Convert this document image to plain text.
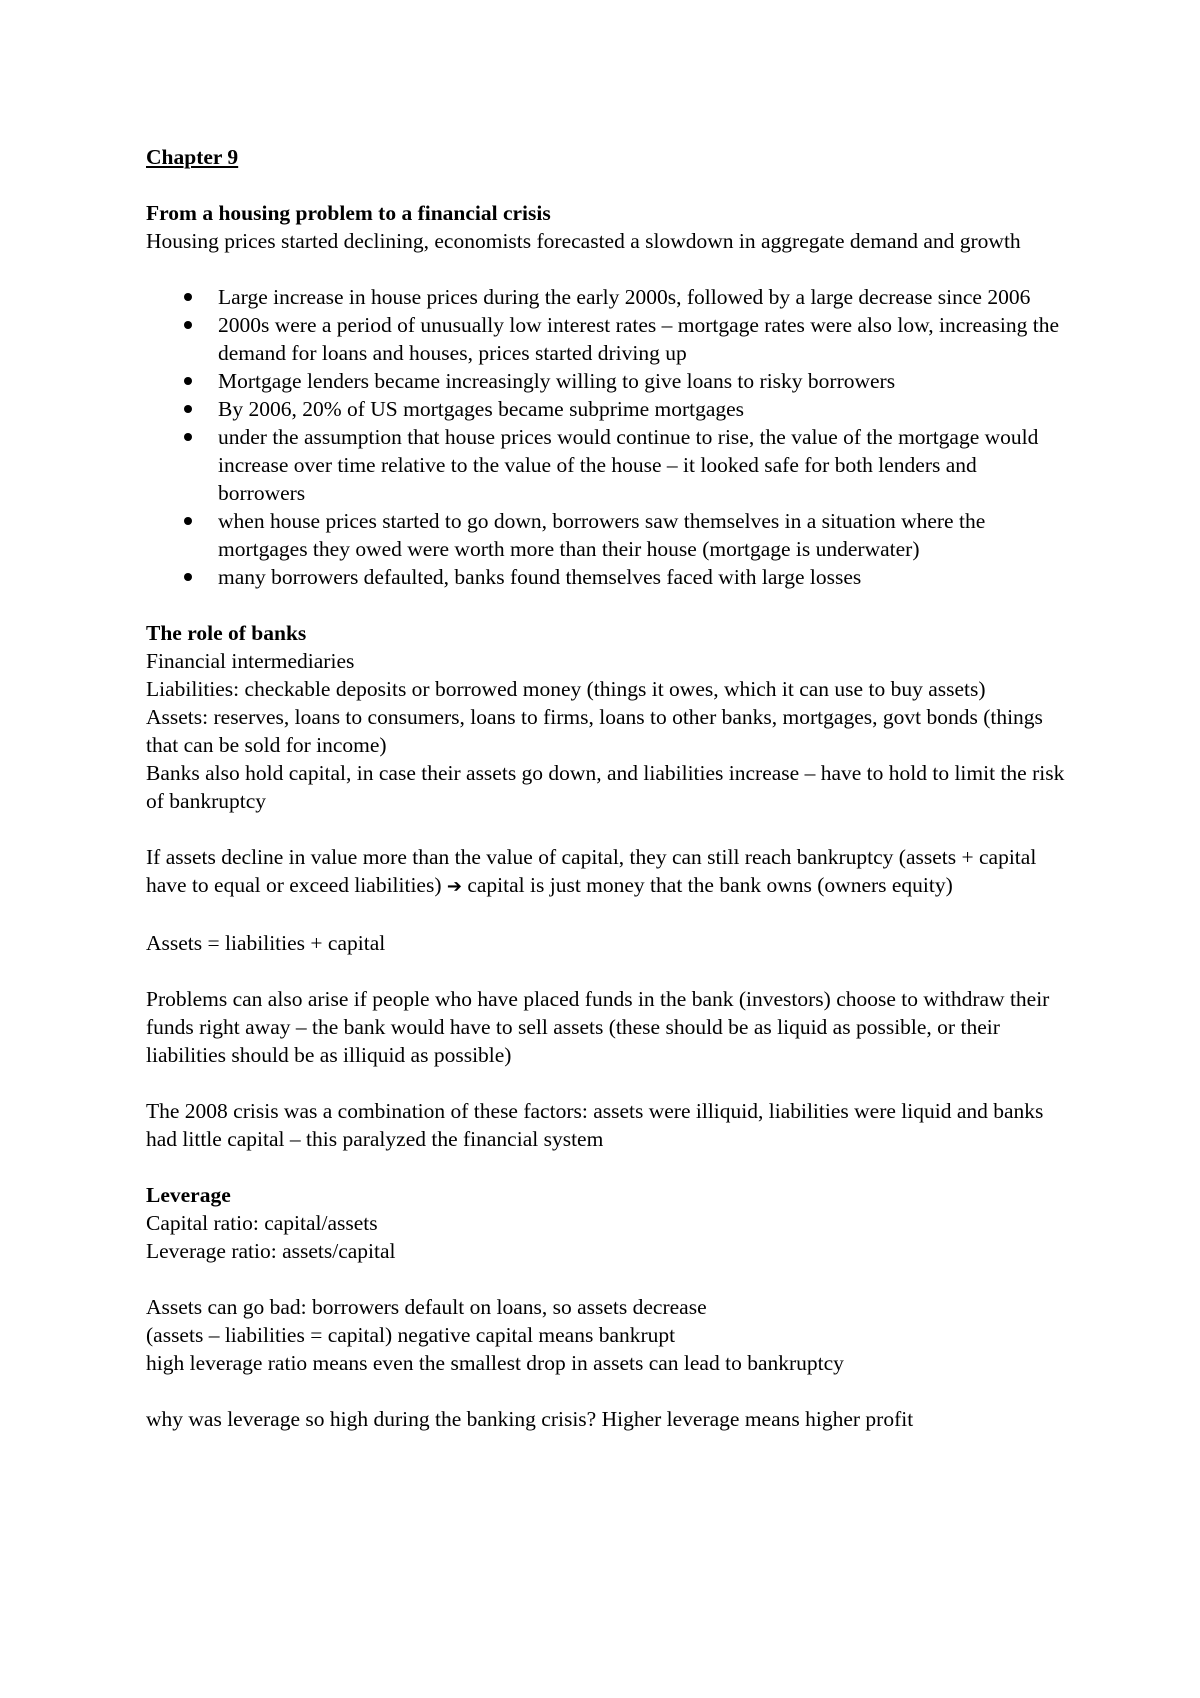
Chapter 9

From a housing problem to a financial crisis

Housing prices started declining, economists forecasted a slowdown in aggregate demand and growth

Large increase in house prices during the early 2000s, followed by a large decrease since 2006
2000s were a period of unusually low interest rates – mortgage rates were also low, increasing the demand for loans and houses, prices started driving up
Mortgage lenders became increasingly willing to give loans to risky borrowers
By 2006, 20% of US mortgages became subprime mortgages
under the assumption that house prices would continue to rise, the value of the mortgage would increase over time relative to the value of the house – it looked safe for both lenders and borrowers
when house prices started to go down, borrowers saw themselves in a situation where the mortgages they owed were worth more than their house (mortgage is underwater)
many borrowers defaulted, banks found themselves faced with large losses

The role of banks

Financial intermediaries

Liabilities: checkable deposits or borrowed money (things it owes, which it can use to buy assets)

Assets: reserves, loans to consumers, loans to firms, loans to other banks, mortgages, govt bonds (things that can be sold for income)

Banks also hold capital, in case their assets go down, and liabilities increase – have to hold to limit the risk of bankruptcy

If assets decline in value more than the value of capital, they can still reach bankruptcy (assets + capital have to equal or exceed liabilities) ➔ capital is just money that the bank owns (owners equity)

Assets = liabilities + capital

Problems can also arise if people who have placed funds in the bank (investors) choose to withdraw their funds right away – the bank would have to sell assets (these should be as liquid as possible, or their liabilities should be as illiquid as possible)

The 2008 crisis was a combination of these factors: assets were illiquid, liabilities were liquid and banks had little capital – this paralyzed the financial system

Leverage

Capital ratio: capital/assets

Leverage ratio: assets/capital

Assets can go bad: borrowers default on loans, so assets decrease

(assets – liabilities = capital) negative capital means bankrupt

high leverage ratio means even the smallest drop in assets can lead to bankruptcy

why was leverage so high during the banking crisis? Higher leverage means higher profit
